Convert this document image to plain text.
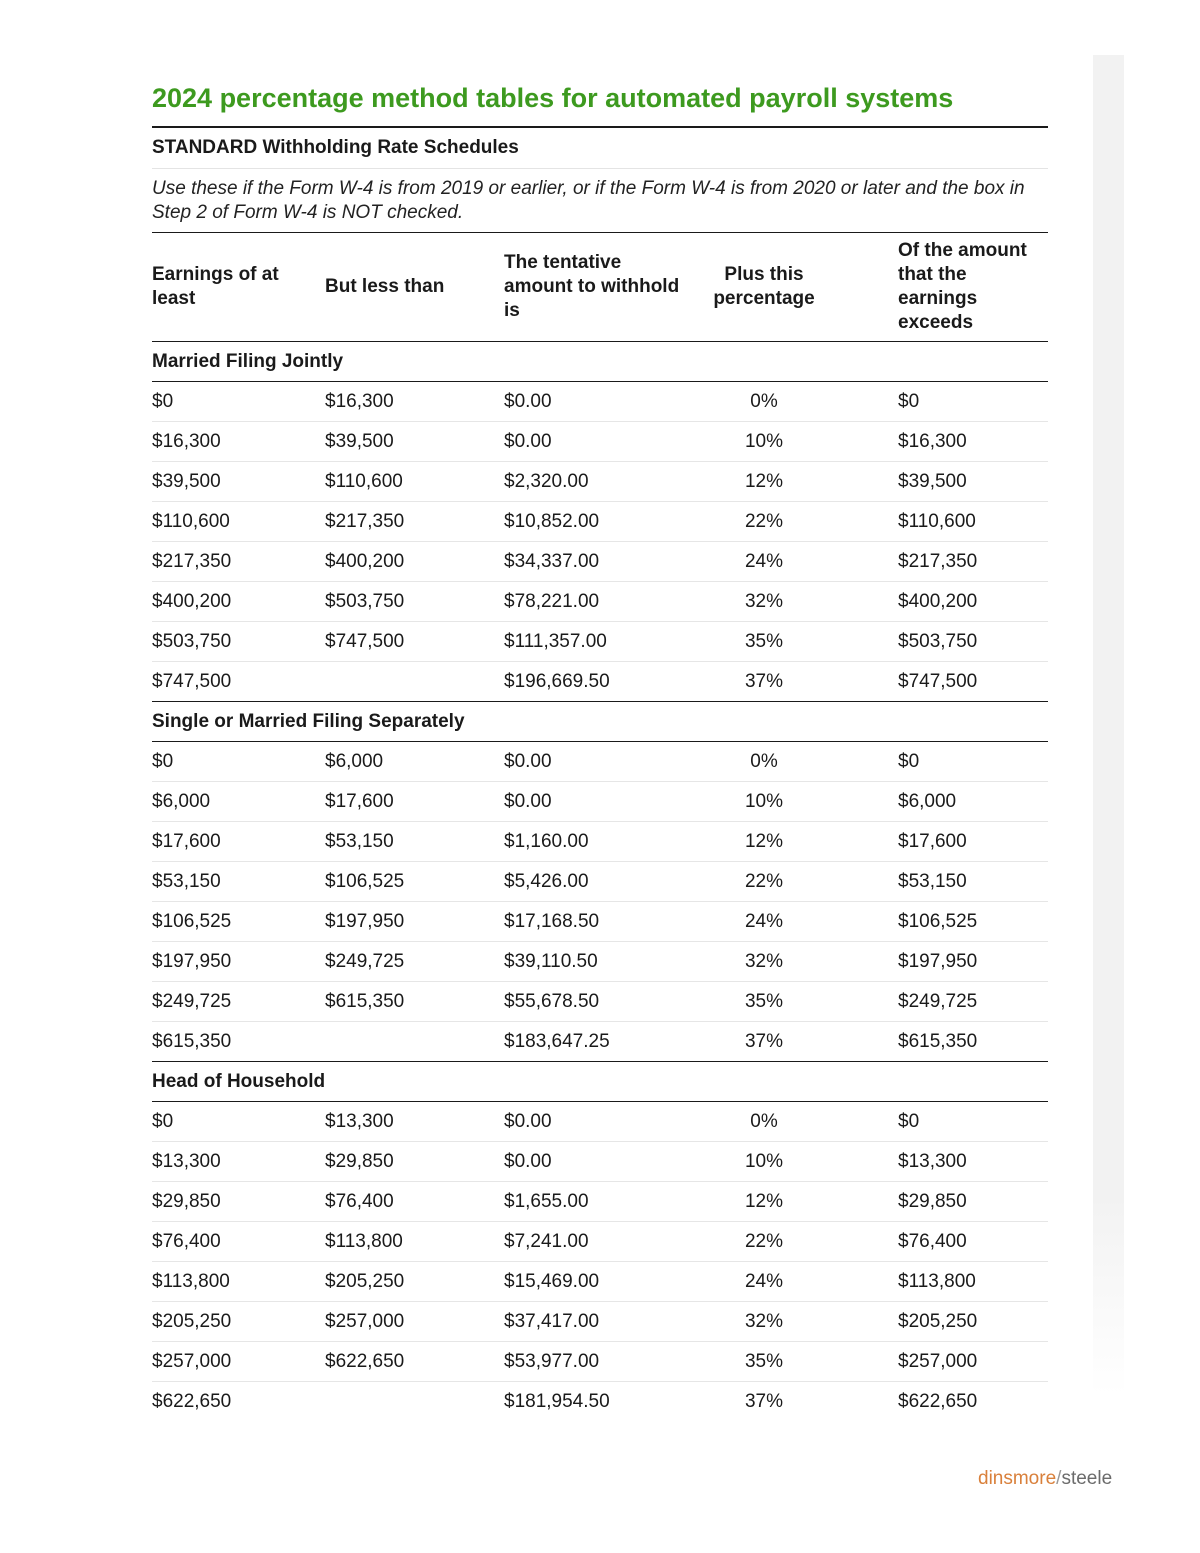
2024 percentage method tables for automated payroll systems
STANDARD Withholding Rate Schedules
Use these if the Form W-4 is from 2019 or earlier, or if the Form W-4 is from 2020 or later and the box in Step 2 of Form W-4 is NOT checked.
Earnings of at least	But less than	The tentative amount to withhold is	Plus this percentage	Of the amount that the earnings exceeds
Married Filing Jointly				
$0	$16,300	$0.00	0%	$0
$16,300	$39,500	$0.00	10%	$16,300
$39,500	$110,600	$2,320.00	12%	$39,500
$110,600	$217,350	$10,852.00	22%	$110,600
$217,350	$400,200	$34,337.00	24%	$217,350
$400,200	$503,750	$78,221.00	32%	$400,200
$503,750	$747,500	$111,357.00	35%	$503,750
$747,500		$196,669.50	37%	$747,500
Single or Married Filing Separately				
$0	$6,000	$0.00	0%	$0
$6,000	$17,600	$0.00	10%	$6,000
$17,600	$53,150	$1,160.00	12%	$17,600
$53,150	$106,525	$5,426.00	22%	$53,150
$106,525	$197,950	$17,168.50	24%	$106,525
$197,950	$249,725	$39,110.50	32%	$197,950
$249,725	$615,350	$55,678.50	35%	$249,725
$615,350		$183,647.25	37%	$615,350
Head of Household				
$0	$13,300	$0.00	0%	$0
$13,300	$29,850	$0.00	10%	$13,300
$29,850	$76,400	$1,655.00	12%	$29,850
$76,400	$113,800	$7,241.00	22%	$76,400
$113,800	$205,250	$15,469.00	24%	$113,800
$205,250	$257,000	$37,417.00	32%	$205,250
$257,000	$622,650	$53,977.00	35%	$257,000
$622,650		$181,954.50	37%	$622,650
dinsmore/steele
